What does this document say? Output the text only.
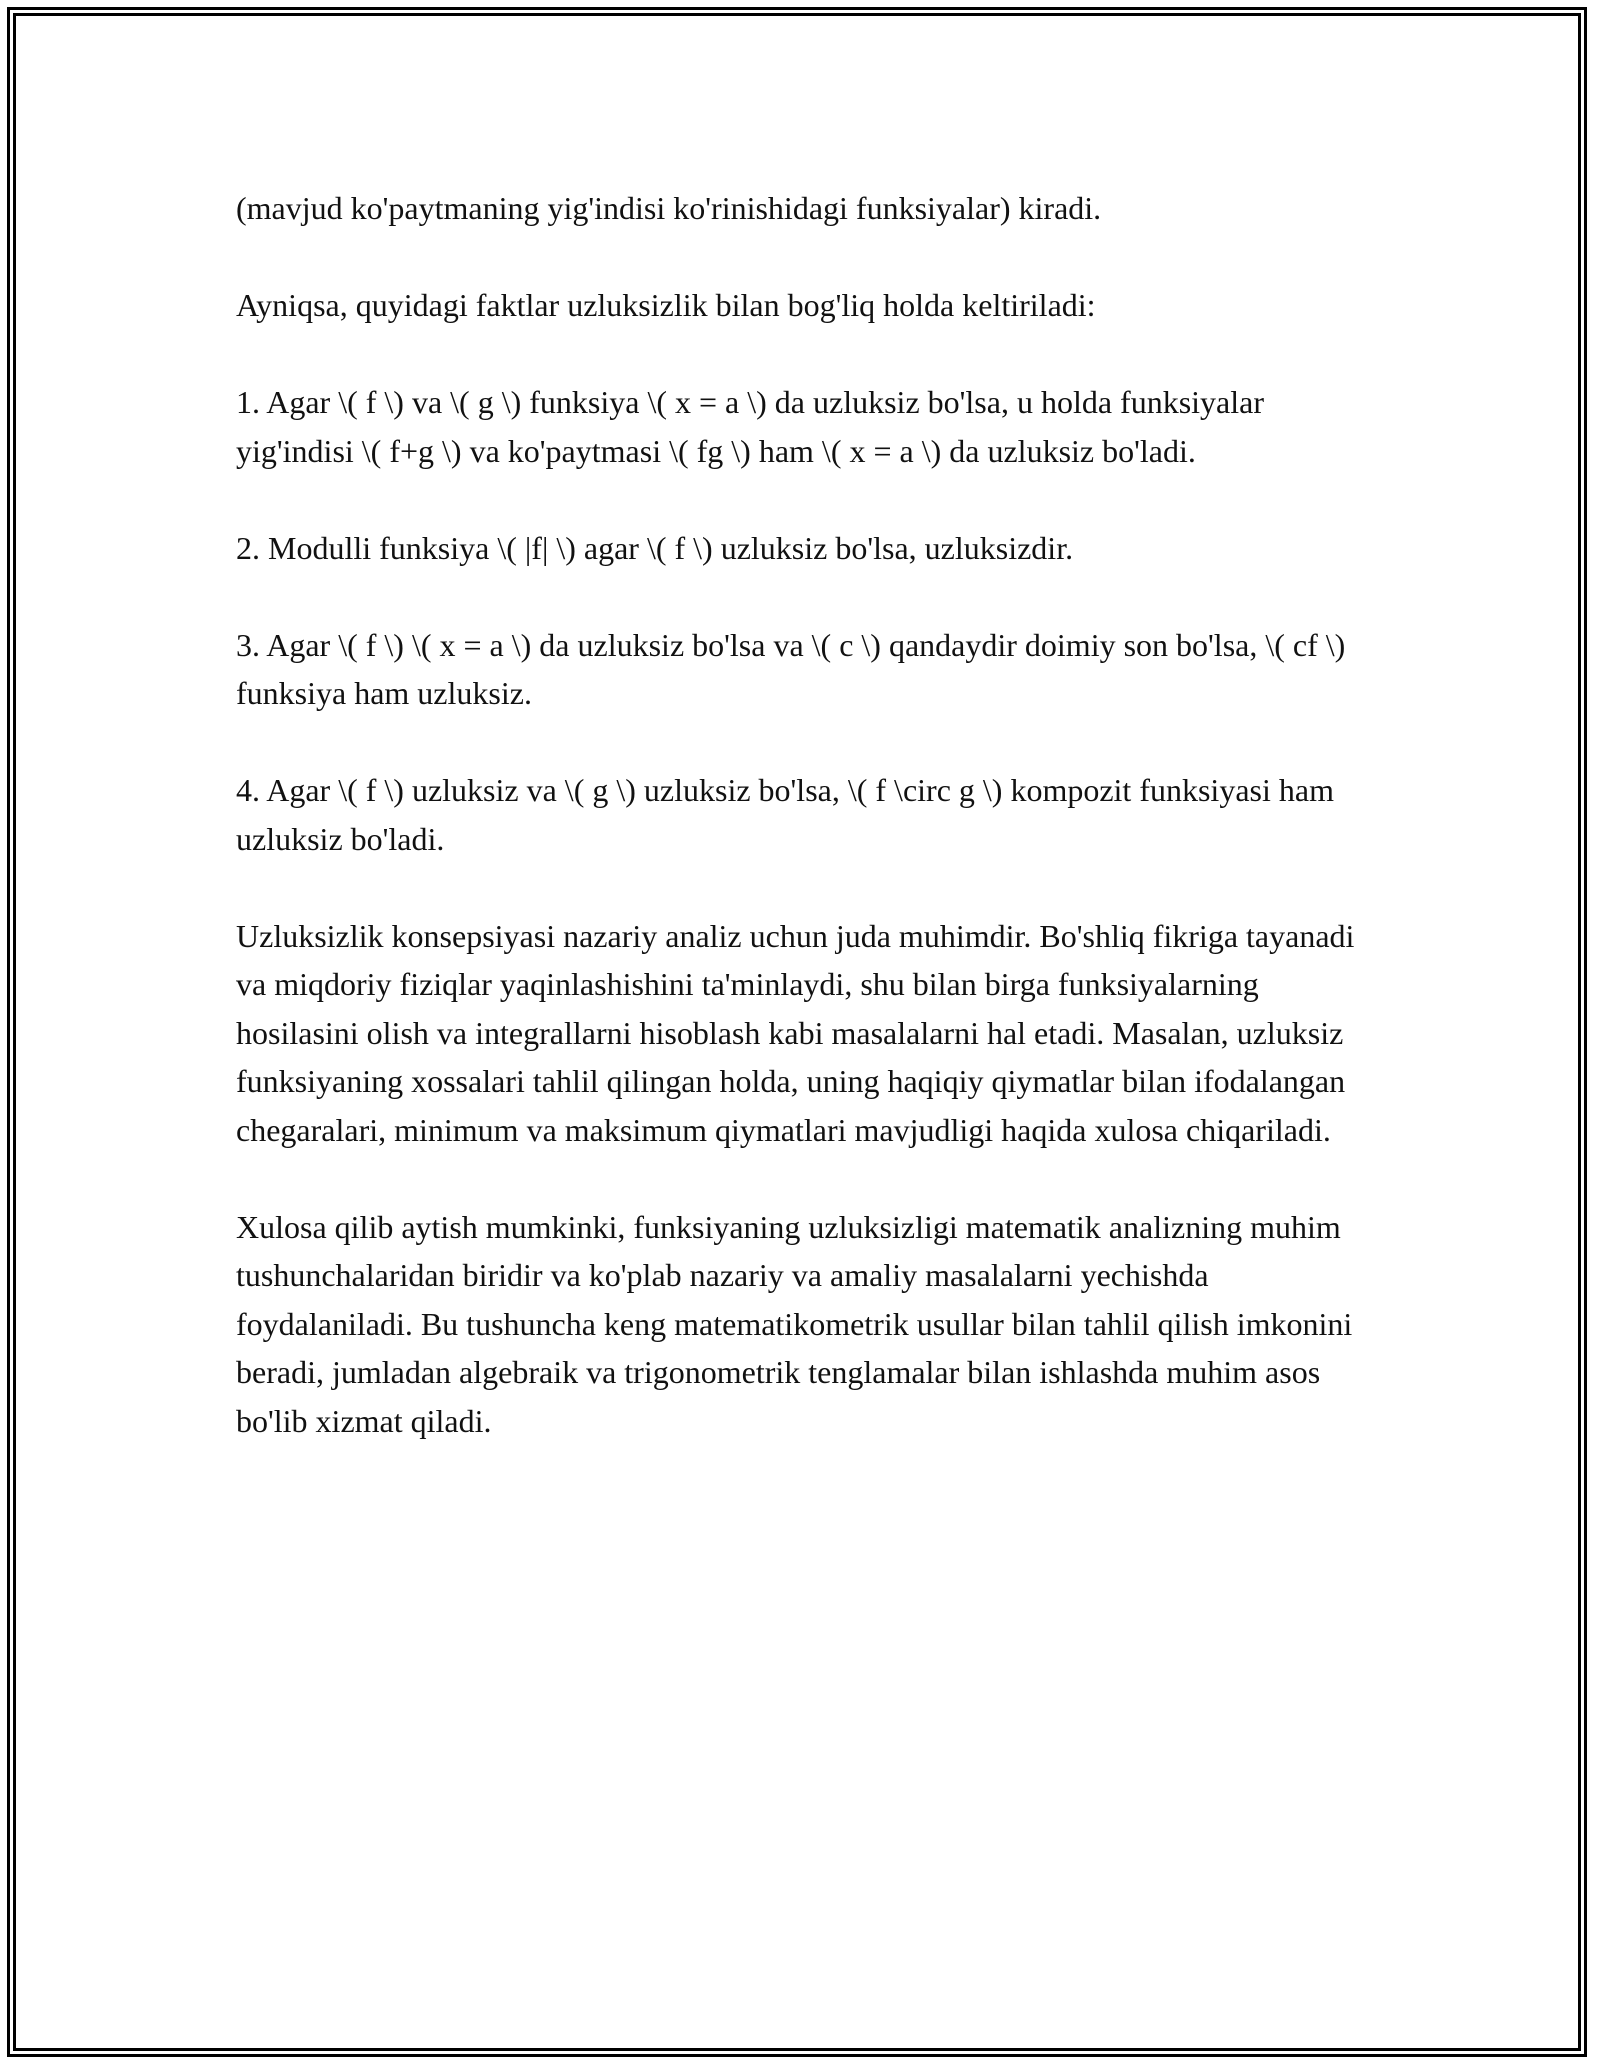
(mavjud ko'paytmaning yig'indisi ko'rinishidagi funksiyalar) kiradi.

Ayniqsa, quyidagi faktlar uzluksizlik bilan bog'liq holda keltiriladi:

1. Agar \( f \) va \( g \) funksiya \( x = a \) da uzluksiz bo'lsa, u holda funksiyalar yig'indisi \( f+g \) va ko'paytmasi \( fg \) ham \( x = a \) da uzluksiz bo'ladi.

2. Modulli funksiya \( |f| \) agar \( f \) uzluksiz bo'lsa, uzluksizdir.

3. Agar \( f \) \( x = a \) da uzluksiz bo'lsa va \( c \) qandaydir doimiy son bo'lsa, \( cf \) funksiya ham uzluksiz.

4. Agar \( f \) uzluksiz va \( g \) uzluksiz bo'lsa, \( f \circ g \) kompozit funksiyasi ham uzluksiz bo'ladi.

Uzluksizlik konsepsiyasi nazariy analiz uchun juda muhimdir. Bo'shliq fikriga tayanadi va miqdoriy fiziqlar yaqinlashishini ta'minlaydi, shu bilan birga funksiyalarning hosilasini olish va integrallarni hisoblash kabi masalalarni hal etadi. Masalan, uzluksiz funksiyaning xossalari tahlil qilingan holda, uning haqiqiy qiymatlar bilan ifodalangan chegaralari, minimum va maksimum qiymatlari mavjudligi haqida xulosa chiqariladi.

Xulosa qilib aytish mumkinki, funksiyaning uzluksizligi matematik analizning muhim tushunchalaridan biridir va ko'plab nazariy va amaliy masalalarni yechishda foydalaniladi. Bu tushuncha keng matematikometrik usullar bilan tahlil qilish imkonini beradi, jumladan algebraik va trigonometrik tenglamalar bilan ishlashda muhim asos bo'lib xizmat qiladi.
